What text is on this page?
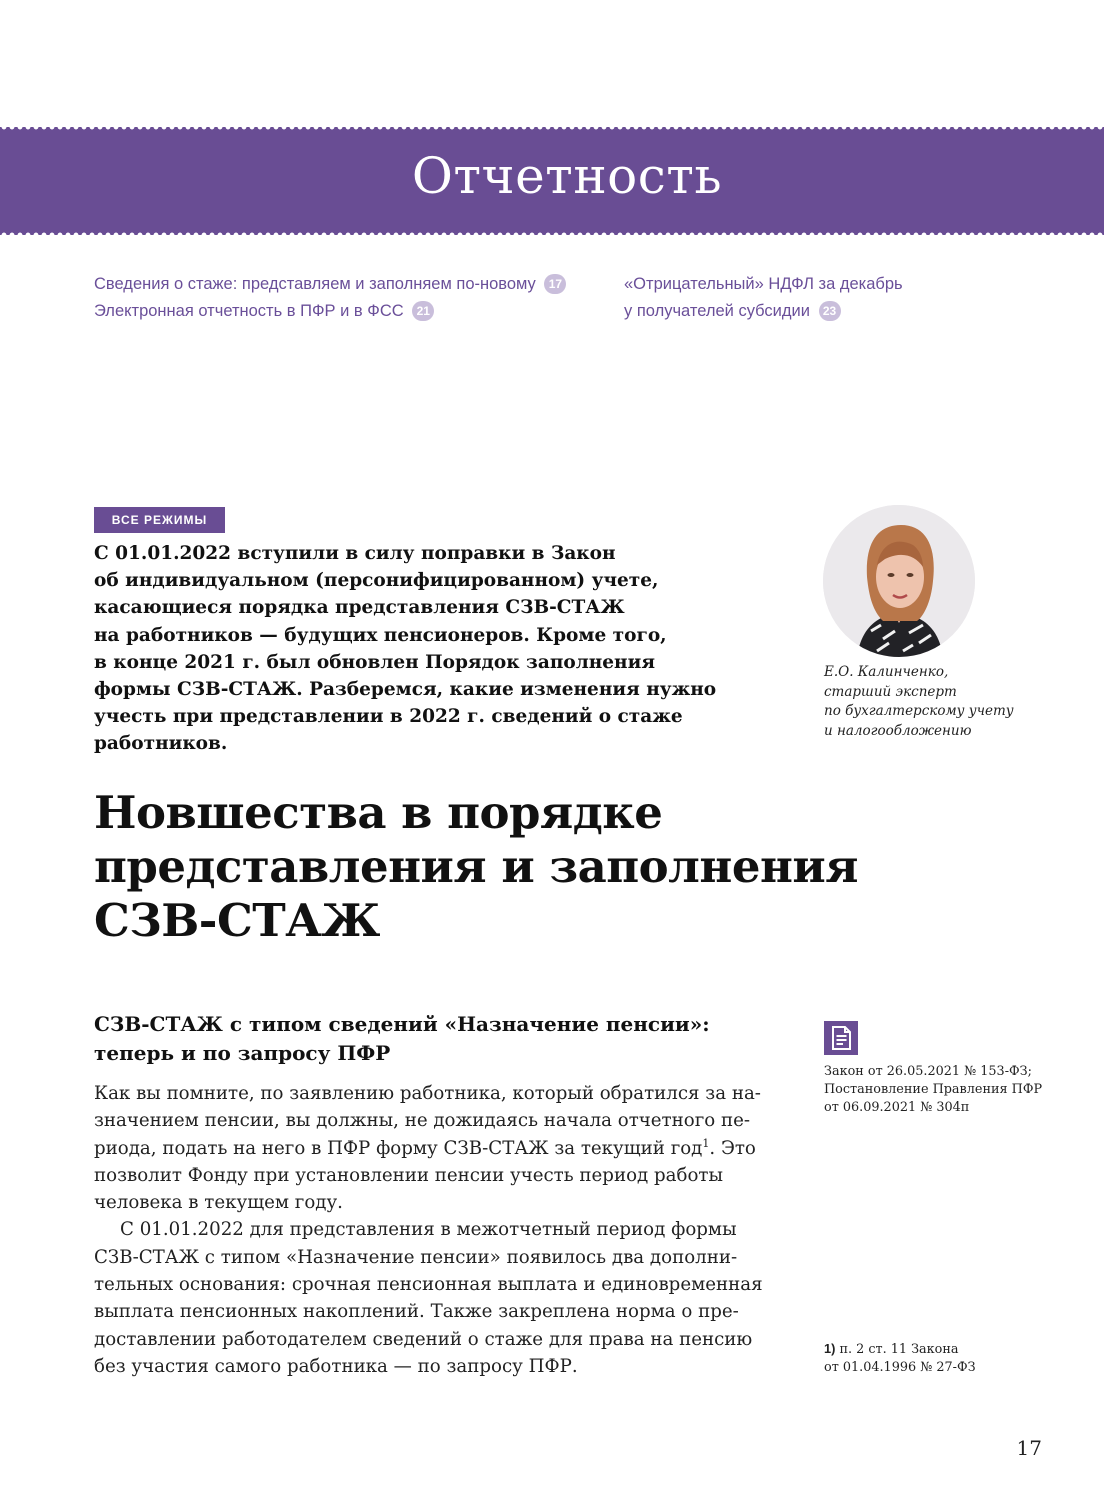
Отчетность
Сведения о стаже: представляем и заполняем по-новому 17
Электронная отчетность в ПФР и в ФСС 21
«Отрицательный» НДФЛ за декабрь
у получателей субсидии 23
ВСЕ РЕЖИМЫ
С 01.01.2022 вступили в силу поправки в Закон
об индивидуальном (персонифицированном) учете,
касающиеся порядка представления СЗВ-СТАЖ
на работников — будущих пенсионеров. Кроме того,
в конце 2021 г. был обновлен Порядок заполнения
формы СЗВ-СТАЖ. Разберемся, какие изменения нужно
учесть при представлении в 2022 г. сведений о стаже
работников.
Е.О. Калинченко,
старший эксперт
по бухгалтерскому учету
и налогообложению
Новшества в порядке
представления и заполнения
СЗВ-СТАЖ
СЗВ-СТАЖ с типом сведений «Назначение пенсии»:
теперь и по запросу ПФР
Как вы помните, по заявлению работника, который обратился за на-
значением пенсии, вы должны, не дожидаясь начала отчетного пе-
риода, подать на него в ПФР форму СЗВ-СТАЖ за текущий год$^1$. Это
позволит Фонду при установлении пенсии учесть период работы
человека в текущем году.
С 01.01.2022 для представления в межотчетный период формы
СЗВ-СТАЖ с типом «Назначение пенсии» появилось два дополни-
тельных основания: срочная пенсионная выплата и единовременная
выплата пенсионных накоплений. Также закреплена норма о пре-
доставлении работодателем сведений о стаже для права на пенсию
без участия самого работника — по запросу ПФР.
Закон от 26.05.2021 № 153-ФЗ;
Постановление Правления ПФР
от 06.09.2021 № 304п
1) п. 2 ст. 11 Закона
от 01.04.1996 № 27-ФЗ
17
